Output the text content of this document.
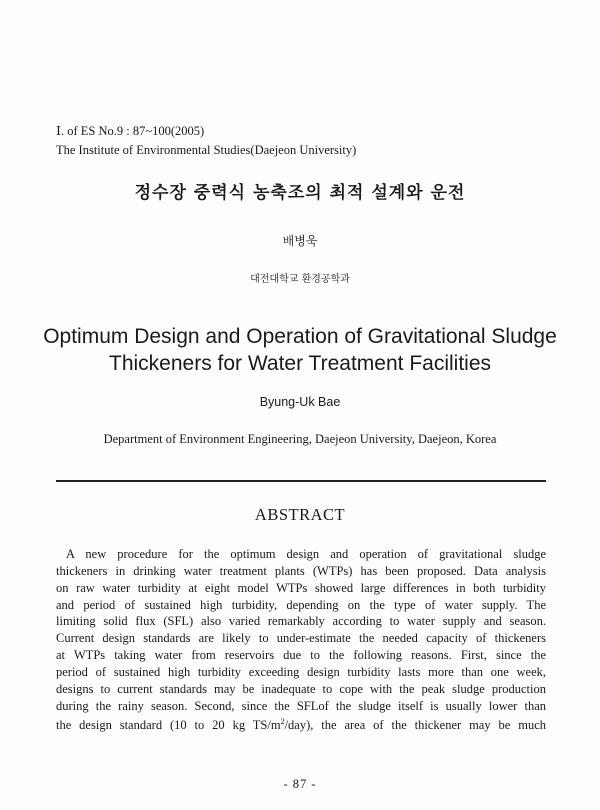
Ⅰ. of ES No.9 : 87~100(2005)
The Institute of Environmental Studies(Daejeon University)
정수장 중력식 농축조의 최적 설계와 운전
배병욱
대전대학교 환경공학과
Optimum Design and Operation of Gravitational Sludge
Thickeners for Water Treatment Facilities
Byung-Uk Bae
Department of Environment Engineering, Daejeon University, Daejeon, Korea
ABSTRACT
A new procedure for the optimum design and operation of gravitational sludge
thickeners in drinking water treatment plants (WTPs) has been proposed. Data analysis
on raw water turbidity at eight model WTPs showed large differences in both turbidity
and period of sustained high turbidity, depending on the type of water supply. The
limiting solid flux (SFL) also varied remarkably according to water supply and season.
Current design standards are likely to under-estimate the needed capacity of thickeners
at WTPs taking water from reservoirs due to the following reasons. First, since the
period of sustained high turbidity exceeding design turbidity lasts more than one week,
designs to current standards may be inadequate to cope with the peak sludge production
during the rainy season. Second, since the SFLof the sludge itself is usually lower than
the design standard (10 to 20 kg $TS/m^2/day$), the area of the thickener may be much
- 87 -
